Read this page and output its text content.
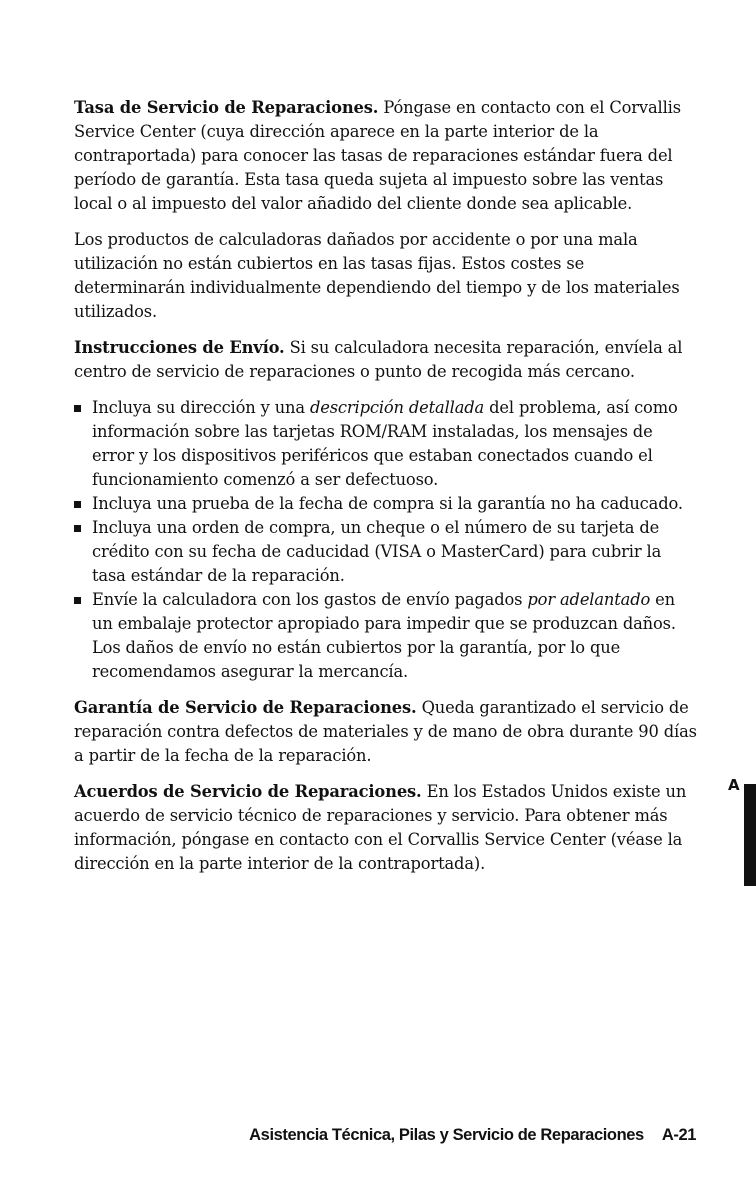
Tasa de Servicio de Reparaciones. Póngase en contacto con el Corvallis Service Center (cuya dirección aparece en la parte interior de la contraportada) para conocer las tasas de reparaciones estándar fuera del período de garantía. Esta tasa queda sujeta al impuesto sobre las ventas local o al impuesto del valor añadido del cliente donde sea aplicable.

Los productos de calculadoras dañados por accidente o por una mala utilización no están cubiertos en las tasas fijas. Estos costes se determinarán individualmente dependiendo del tiempo y de los materiales utilizados.

Instrucciones de Envío. Si su calculadora necesita reparación, envíela al centro de servicio de reparaciones o punto de recogida más cercano.

Incluya su dirección y una descripción detallada del problema, así como información sobre las tarjetas ROM/RAM instaladas, los mensajes de error y los dispositivos periféricos que estaban conectados cuando el funcionamiento comenzó a ser defectuoso.
Incluya una prueba de la fecha de compra si la garantía no ha caducado.
Incluya una orden de compra, un cheque o el número de su tarjeta de crédito con su fecha de caducidad (VISA o MasterCard) para cubrir la tasa estándar de la reparación.
Envíe la calculadora con los gastos de envío pagados por adelantado en un embalaje protector apropiado para impedir que se produzcan daños. Los daños de envío no están cubiertos por la garantía, por lo que recomendamos asegurar la mercancía.

Garantía de Servicio de Reparaciones. Queda garantizado el servicio de reparación contra defectos de materiales y de mano de obra durante 90 días a partir de la fecha de la reparación.

Acuerdos de Servicio de Reparaciones. En los Estados Unidos existe un acuerdo de servicio técnico de reparaciones y servicio. Para obtener más información, póngase en contacto con el Corvallis Service Center (véase la dirección en la parte interior de la contraportada).

A
Asistencia Técnica, Pilas y Servicio de Reparaciones A-21
